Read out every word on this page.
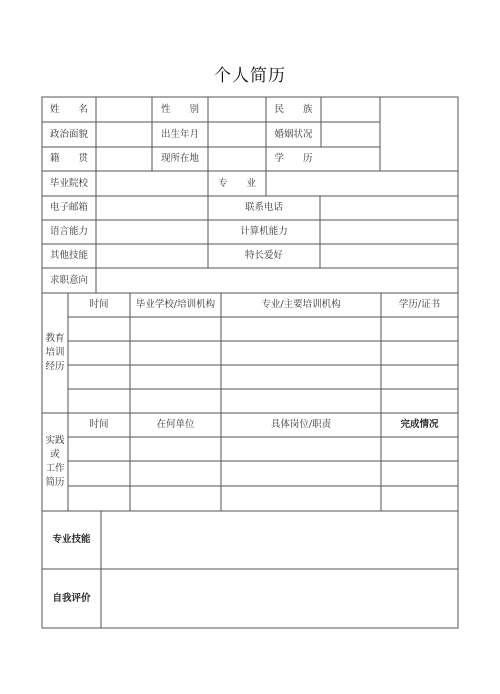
个人简历
姓　　名	性　　别	民　　族
政治面貌	出生年月	婚姻状况
籍　　贯	现所在地	学　　历
毕业院校	专　　业
电子邮箱	联系电话
语言能力	计算机能力
其他技能	特长爱好
求职意向
教育
培训
经历
时间	毕业学校/培训机构	专业/主要培训机构	学历/证书
实践
或
工作
简历
时间	在何单位	具体岗位/职责	完成情况
专业技能
自我评价
